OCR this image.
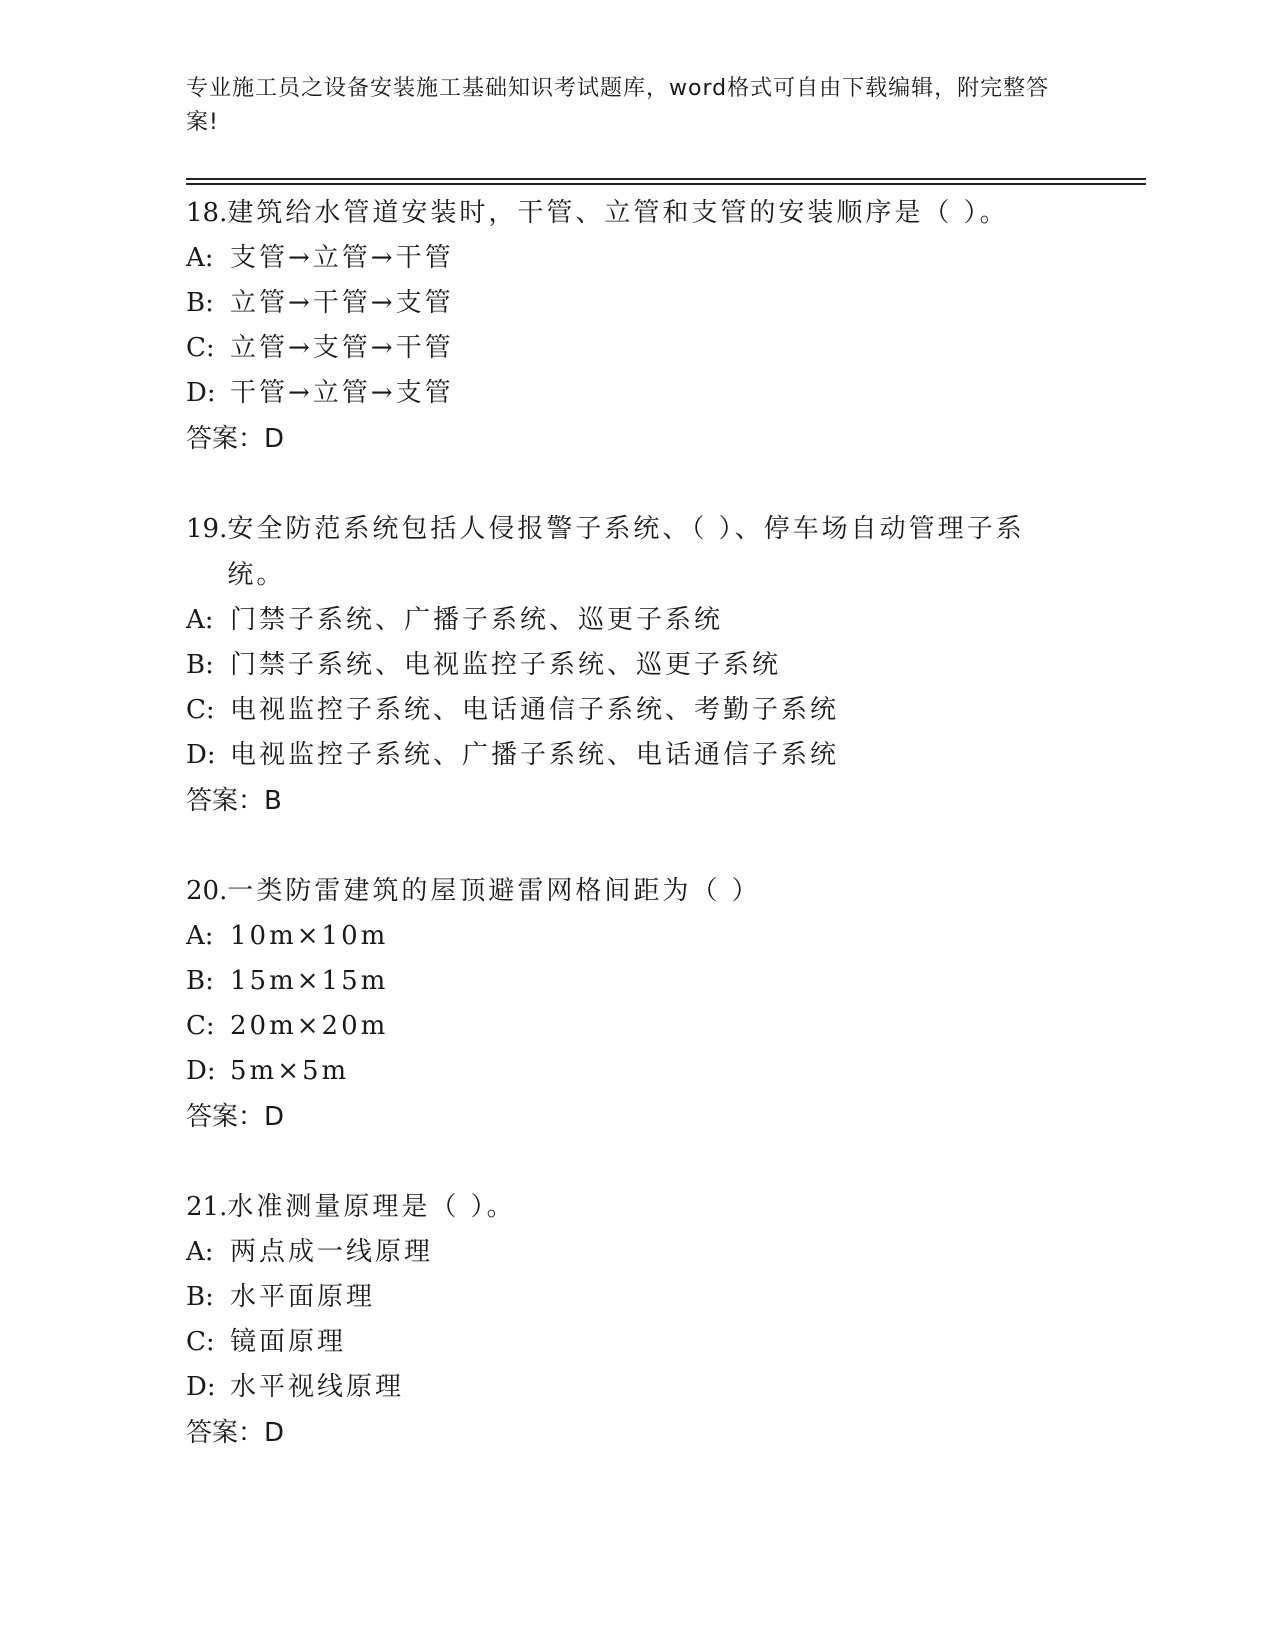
专业施工员之设备安装施工基础知识考试题库，word格式可自由下载编辑，附完整答案!
18. 建筑给水管道安装时，干管、立管和支管的安装顺序是（ ）。
A: 支管→立管→干管
B: 立管→干管→支管
C: 立管→支管→干管
D: 干管→立管→支管
答案：D
19. 安全防范系统包括人侵报警子系统、（ ）、停车场自动管理子系统。
A: 门禁子系统、广播子系统、巡更子系统
B: 门禁子系统、电视监控子系统、巡更子系统
C: 电视监控子系统、电话通信子系统、考勤子系统
D: 电视监控子系统、广播子系统、电话通信子系统
答案：B
20. 一类防雷建筑的屋顶避雷网格间距为（ ）
A: 10m×10m
B: 15m×15m
C: 20m×20m
D: 5m×5m
答案：D
21. 水准测量原理是（ ）。
A: 两点成一线原理
B: 水平面原理
C: 镜面原理
D: 水平视线原理
答案：D
